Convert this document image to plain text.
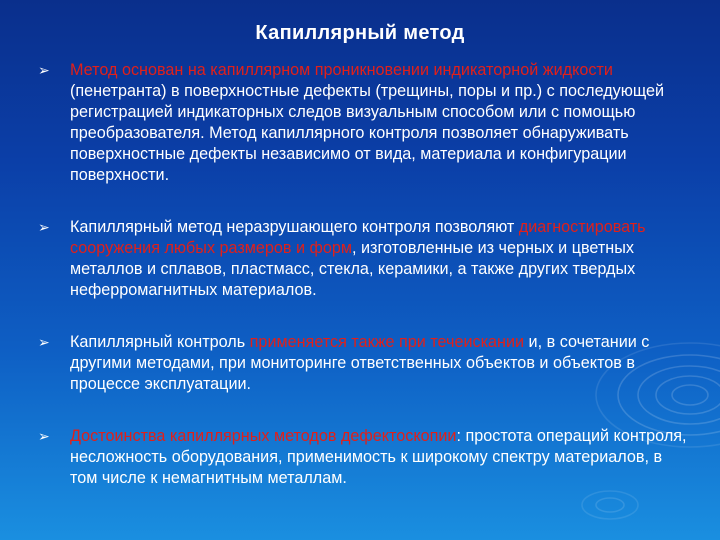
Капиллярный метод
➢ Метод основан на капиллярном проникновении индикаторной жидкости (пенетранта) в поверхностные дефекты (трещины, поры и пр.) с последующей регистрацией индикаторных следов визуальным способом или с помощью преобразователя. Метод капиллярного контроля позволяет обнаруживать поверхностные дефекты независимо от вида, материала и конфигурации поверхности.
➢ Капиллярный метод неразрушающего контроля позволяют диагностировать сооружения любых размеров и форм, изготовленные из черных и цветных металлов и сплавов, пластмасс, стекла, керамики, а также других твердых неферромагнитных материалов.
➢ Капиллярный контроль применяется также при течеискании и, в сочетании с другими методами, при мониторинге ответственных объектов и объектов в процессе эксплуатации.
➢ Достоинства капиллярных методов дефектоскопии: простота операций контроля, несложность оборудования, применимость к широкому спектру материалов, в том числе к немагнитным металлам.
